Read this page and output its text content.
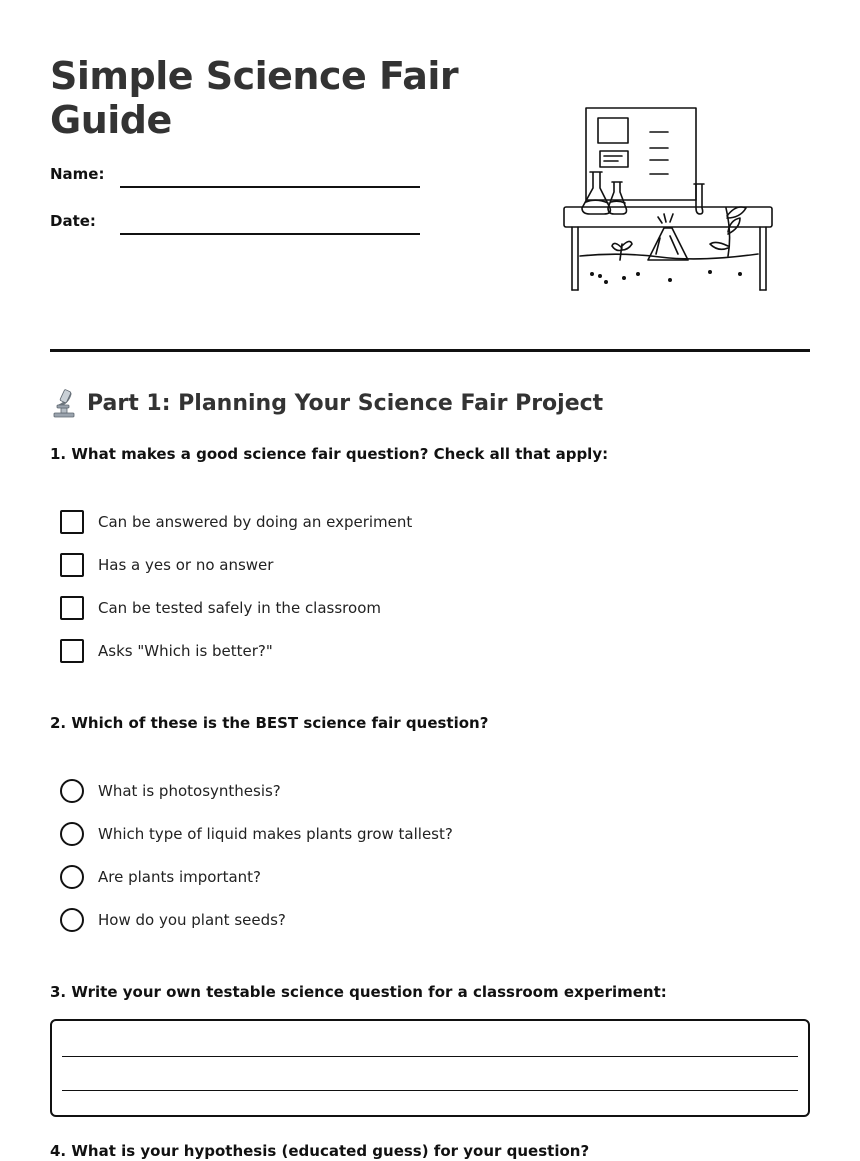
Simple Science Fair Guide
Name:
Date:
Part 1: Planning Your Science Fair Project
1. What makes a good science fair question? Check all that apply:
Can be answered by doing an experiment
Has a yes or no answer
Can be tested safely in the classroom
Asks "Which is better?"
2. Which of these is the BEST science fair question?
What is photosynthesis?
Which type of liquid makes plants grow tallest?
Are plants important?
How do you plant seeds?
3. Write your own testable science question for a classroom experiment:
4. What is your hypothesis (educated guess) for your question?
